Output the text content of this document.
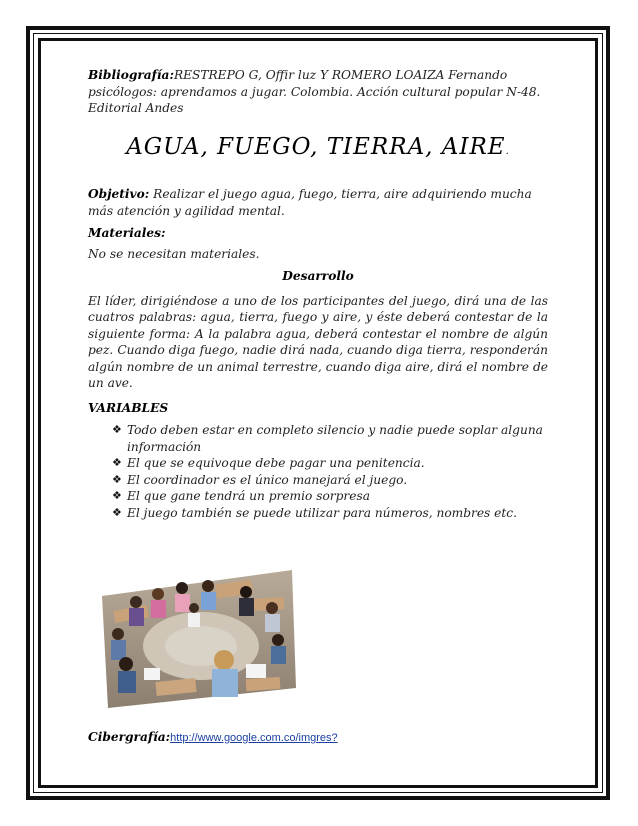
Bibliografía:RESTREPO G, Offir luz Y ROMERO LOAIZA Fernando psicólogos: aprendamos a jugar. Colombia. Acción cultural popular N-48. Editorial Andes

AGUA, FUEGO, TIERRA, AIRE.

Objetivo: Realizar el juego agua, fuego, tierra, aire adquiriendo mucha más atención y agilidad mental.

Materiales:

No se necesitan materiales.

Desarrollo

El líder, dirigiéndose a uno de los participantes del juego, dirá una de las cuatros palabras: agua, tierra, fuego y aire, y éste deberá contestar de la siguiente forma: A la palabra agua, deberá contestar el nombre de algún pez. Cuando diga fuego, nadie dirá nada, cuando diga tierra, responderán algún nombre de un animal terrestre, cuando diga aire, dirá el nombre de un ave.

VARIABLES

❖ Todo deben estar en completo silencio y nadie puede soplar alguna información
❖ El que se equivoque debe pagar una penitencia.
❖ El coordinador es el único manejará el juego.
❖ El que gane tendrá un premio sorpresa
❖ El juego también se puede utilizar para números, nombres etc.
Cibergrafía:http://www.google.com.co/imgres?
